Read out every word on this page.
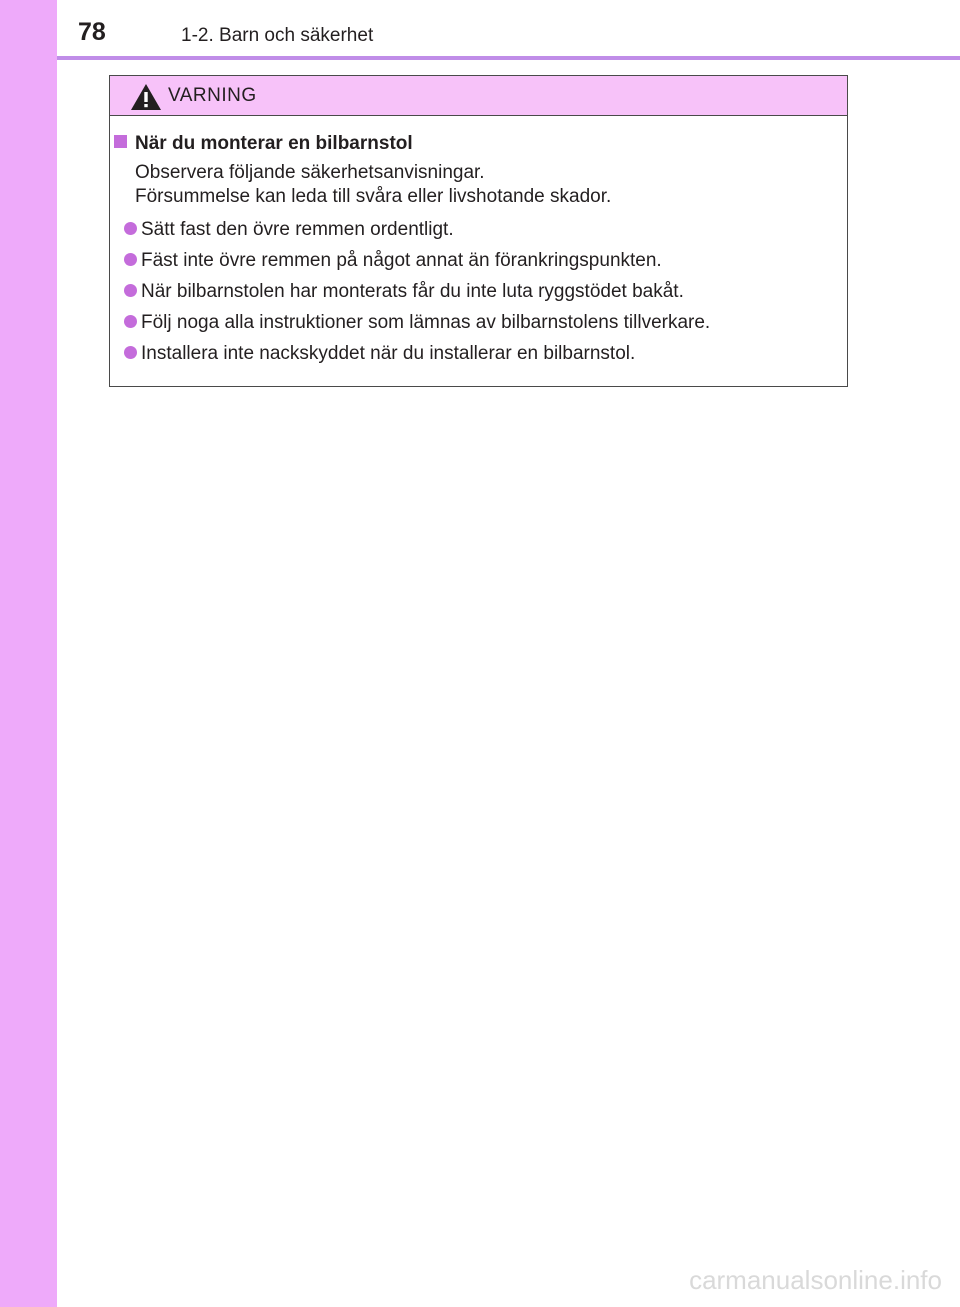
78	1-2. Barn och säkerhet
VARNING
När du monterar en bilbarnstol
Observera följande säkerhetsanvisningar.
Försummelse kan leda till svåra eller livshotande skador.
Sätt fast den övre remmen ordentligt.
Fäst inte övre remmen på något annat än förankringspunkten.
När bilbarnstolen har monterats får du inte luta ryggstödet bakåt.
Följ noga alla instruktioner som lämnas av bilbarnstolens tillverkare.
Installera inte nackskyddet när du installerar en bilbarnstol.
carmanualsonline.info
